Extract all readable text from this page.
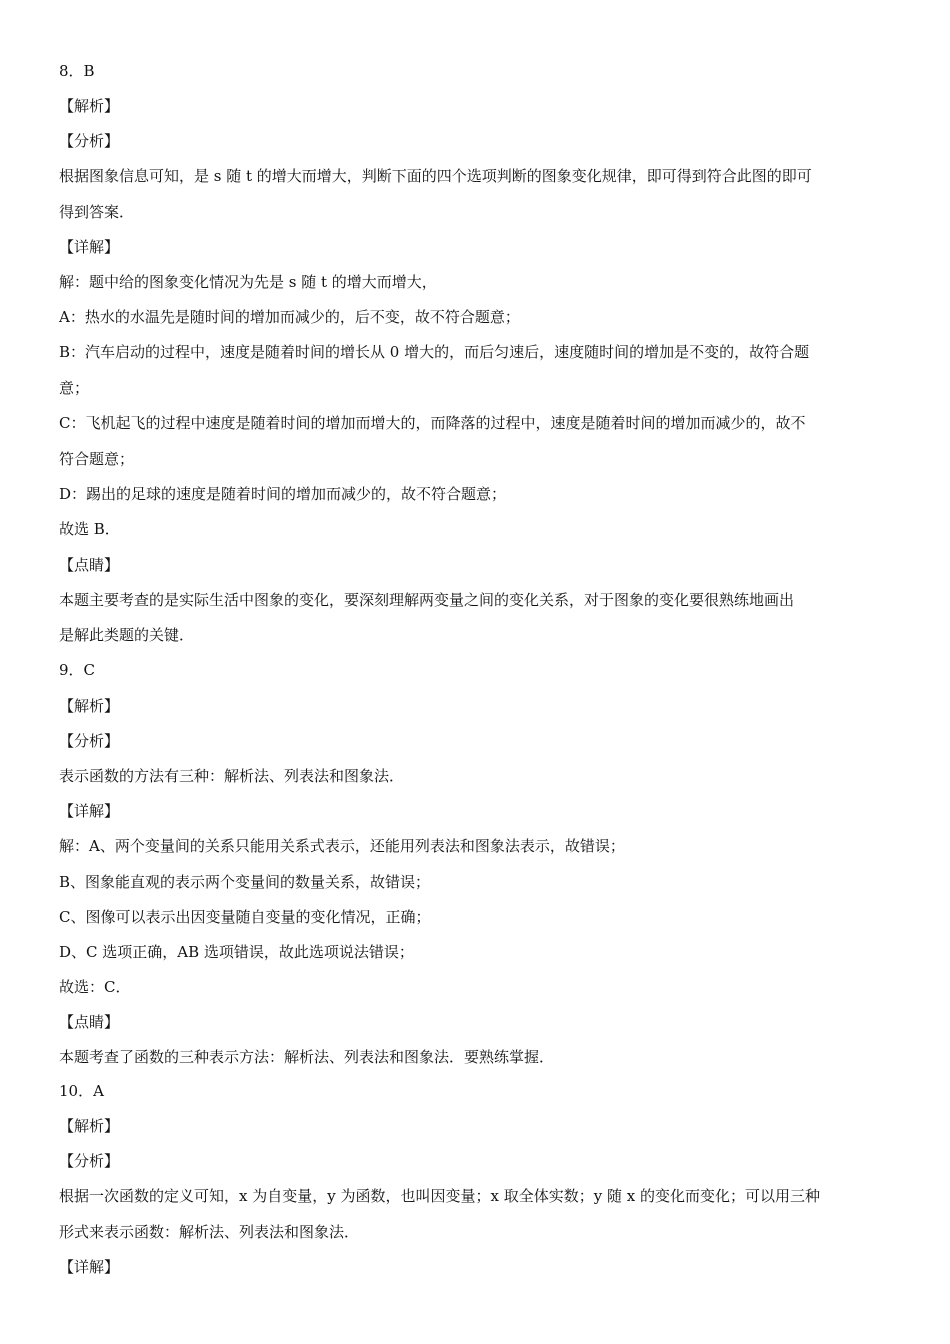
8．B
【解析】
【分析】
根据图象信息可知，是 s 随 t 的增大而增大，判断下面的四个选项判断的图象变化规律，即可得到符合此图的即可
得到答案．
【详解】
解：题中给的图象变化情况为先是 s 随 t 的增大而增大，
A：热水的水温先是随时间的增加而减少的，后不变，故不符合题意；
B：汽车启动的过程中，速度是随着时间的增长从 0 增大的，而后匀速后，速度随时间的增加是不变的，故符合题
意；
C：飞机起飞的过程中速度是随着时间的增加而增大的，而降落的过程中，速度是随着时间的增加而减少的，故不
符合题意；
D：踢出的足球的速度是随着时间的增加而减少的，故不符合题意；
故选 B．
【点睛】
本题主要考查的是实际生活中图象的变化，要深刻理解两变量之间的变化关系，对于图象的变化要很熟练地画出
是解此类题的关键．
9．C
【解析】
【分析】
表示函数的方法有三种：解析法、列表法和图象法．
【详解】
解：A、两个变量间的关系只能用关系式表示，还能用列表法和图象法表示，故错误；
B、图象能直观的表示两个变量间的数量关系，故错误；
C、图像可以表示出因变量随自变量的变化情况，正确；
D、C 选项正确，AB 选项错误，故此选项说法错误；
故选：C．
【点睛】
本题考查了函数的三种表示方法：解析法、列表法和图象法．要熟练掌握．
10．A
【解析】
【分析】
根据一次函数的定义可知，x 为自变量，y 为函数，也叫因变量；x 取全体实数；y 随 x 的变化而变化；可以用三种
形式来表示函数：解析法、列表法和图象法．
【详解】
